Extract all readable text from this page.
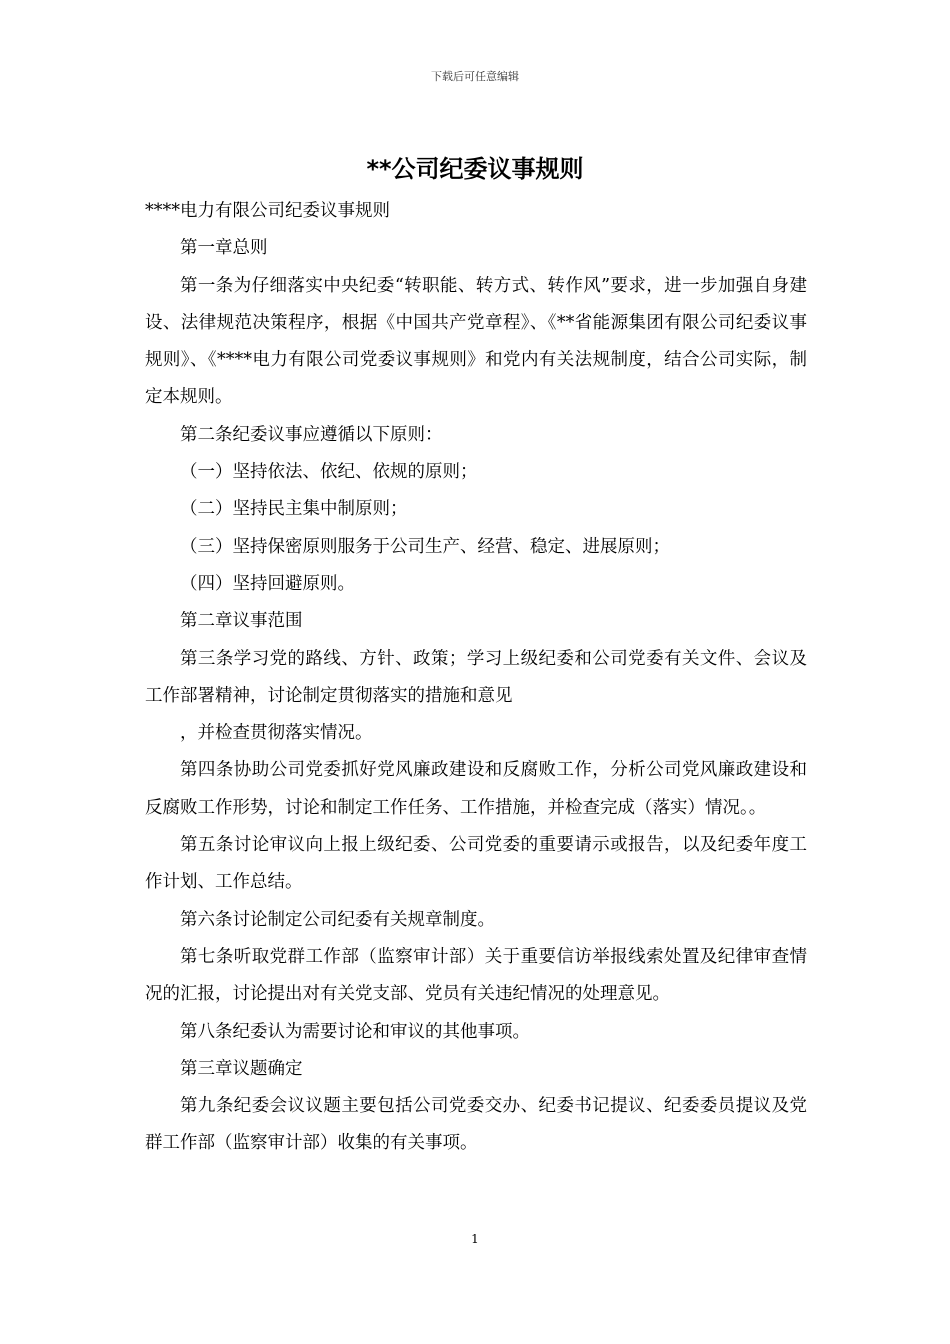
下载后可任意编辑
**公司纪委议事规则

****电力有限公司纪委议事规则

第一章总则

第一条为仔细落实中央纪委“转职能、转方式、转作风”要求，进一步加强自身建设、法律规范决策程序，根据《中国共产党章程》、《**省能源集团有限公司纪委议事规则》、《****电力有限公司党委议事规则》和党内有关法规制度，结合公司实际，制定本规则。

第二条纪委议事应遵循以下原则：

（一）坚持依法、依纪、依规的原则；

（二）坚持民主集中制原则；

（三）坚持保密原则服务于公司生产、经营、稳定、进展原则；

（四）坚持回避原则。

第二章议事范围

第三条学习党的路线、方针、政策；学习上级纪委和公司党委有关文件、会议及工作部署精神，讨论制定贯彻落实的措施和意见

，并检查贯彻落实情况。

第四条协助公司党委抓好党风廉政建设和反腐败工作，分析公司党风廉政建设和反腐败工作形势，讨论和制定工作任务、工作措施，并检查完成（落实）情况。。

第五条讨论审议向上报上级纪委、公司党委的重要请示或报告，以及纪委年度工作计划、工作总结。

第六条讨论制定公司纪委有关规章制度。

第七条听取党群工作部（监察审计部）关于重要信访举报线索处置及纪律审查情况的汇报，讨论提出对有关党支部、党员有关违纪情况的处理意见。

第八条纪委认为需要讨论和审议的其他事项。

第三章议题确定

第九条纪委会议议题主要包括公司党委交办、纪委书记提议、纪委委员提议及党群工作部（监察审计部）收集的有关事项。

1
